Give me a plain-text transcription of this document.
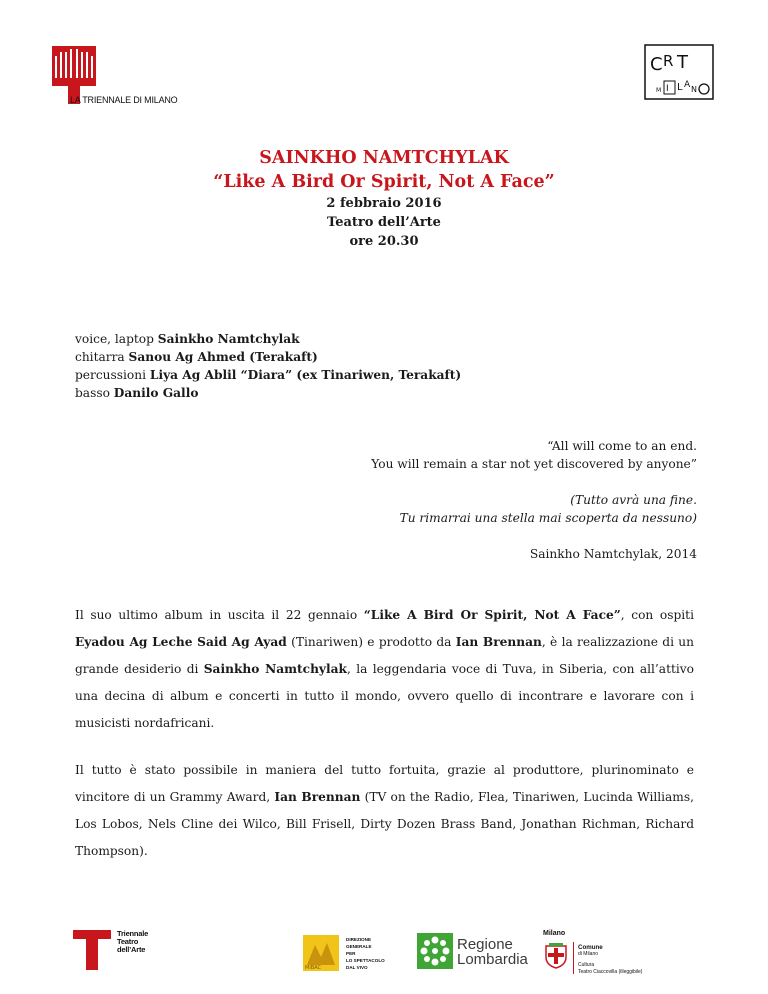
LA TRIENNALE DI MILANO
C R T
M I L A N
SAINKHO NAMTCHYLAK
“Like A Bird Or Spirit, Not A Face”
2 febbraio 2016
Teatro dell’Arte
ore 20.30
voice, laptop Sainkho Namtchylak
chitarra Sanou Ag Ahmed (Terakaft)
percussioni Liya Ag Ablil “Diara” (ex Tinariwen, Terakaft)
basso Danilo Gallo
“All will come to an end.
You will remain a star not yet discovered by anyone”
(Tutto avrà una fine.
Tu rimarrai una stella mai scoperta da nessuno)
Sainkho Namtchylak, 2014

Il suo ultimo album in uscita il 22 gennaio “Like A Bird Or Spirit, Not A Face”, con ospiti Eyadou Ag Leche Said Ag Ayad (Tinariwen) e prodotto da Ian Brennan, è la realizzazione di un grande desiderio di Sainkho Namtchylak, la leggendaria voce di Tuva, in Siberia, con all’attivo una decina di album e concerti in tutto il mondo, ovvero quello di incontrare e lavorare con i musicisti nordafricani.

Il tutto è stato possibile in maniera del tutto fortuita, grazie al produttore, plurinominato e vincitore di un Grammy Award, Ian Brennan (TV on the Radio, Flea, Tinariwen, Lucinda Williams, Los Lobos, Nels Cline dei Wilco, Bill Frisell, Dirty Dozen Brass Band, Jonathan Richman, Richard Thompson).

Triennale
Teatro
dell’Arte
MiBAC
DIREZIONE
GENERALE
PER
LO SPETTACOLO
DAL VIVO
Regione
Lombardia
Milano
Comune
di Milano
Cultura
Teatro Ciaccovilla (illeggibile)
